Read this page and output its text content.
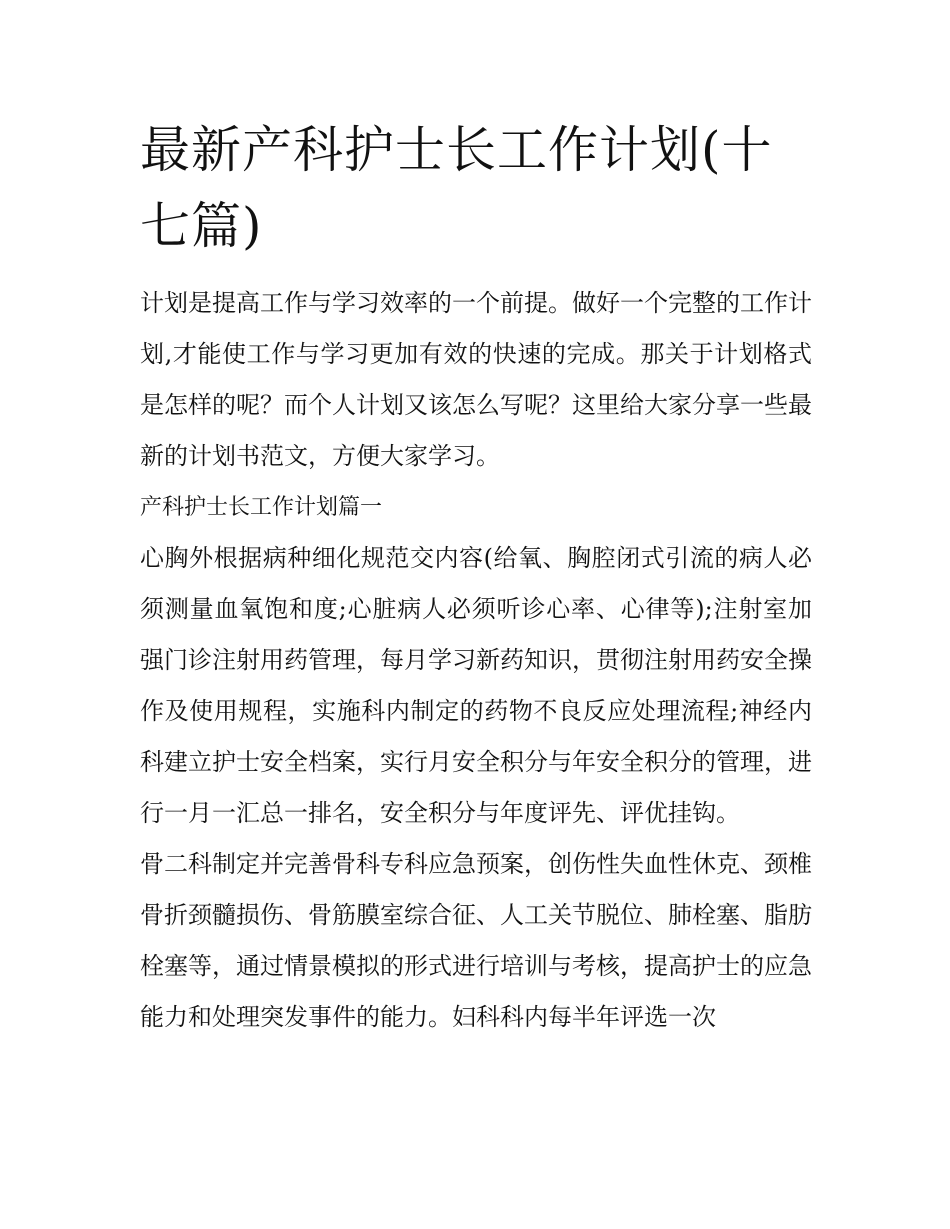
最新产科护士长工作计划(十七篇)

计划是提高工作与学习效率的一个前提。做好一个完整的工作计划,才能使工作与学习更加有效的快速的完成。那关于计划格式是怎样的呢？而个人计划又该怎么写呢？这里给大家分享一些最新的计划书范文，方便大家学习。

产科护士长工作计划篇一

心胸外根据病种细化规范交内容(给氧、胸腔闭式引流的病人必须测量血氧饱和度;心脏病人必须听诊心率、心律等);注射室加强门诊注射用药管理，每月学习新药知识，贯彻注射用药安全操作及使用规程，实施科内制定的药物不良反应处理流程;神经内科建立护士安全档案，实行月安全积分与年安全积分的管理，进行一月一汇总一排名，安全积分与年度评先、评优挂钩。

骨二科制定并完善骨科专科应急预案，创伤性失血性休克、颈椎骨折颈髓损伤、骨筋膜室综合征、人工关节脱位、肺栓塞、脂肪栓塞等，通过情景模拟的形式进行培训与考核，提高护士的应急能力和处理突发事件的能力。妇科科内每半年评选一次
